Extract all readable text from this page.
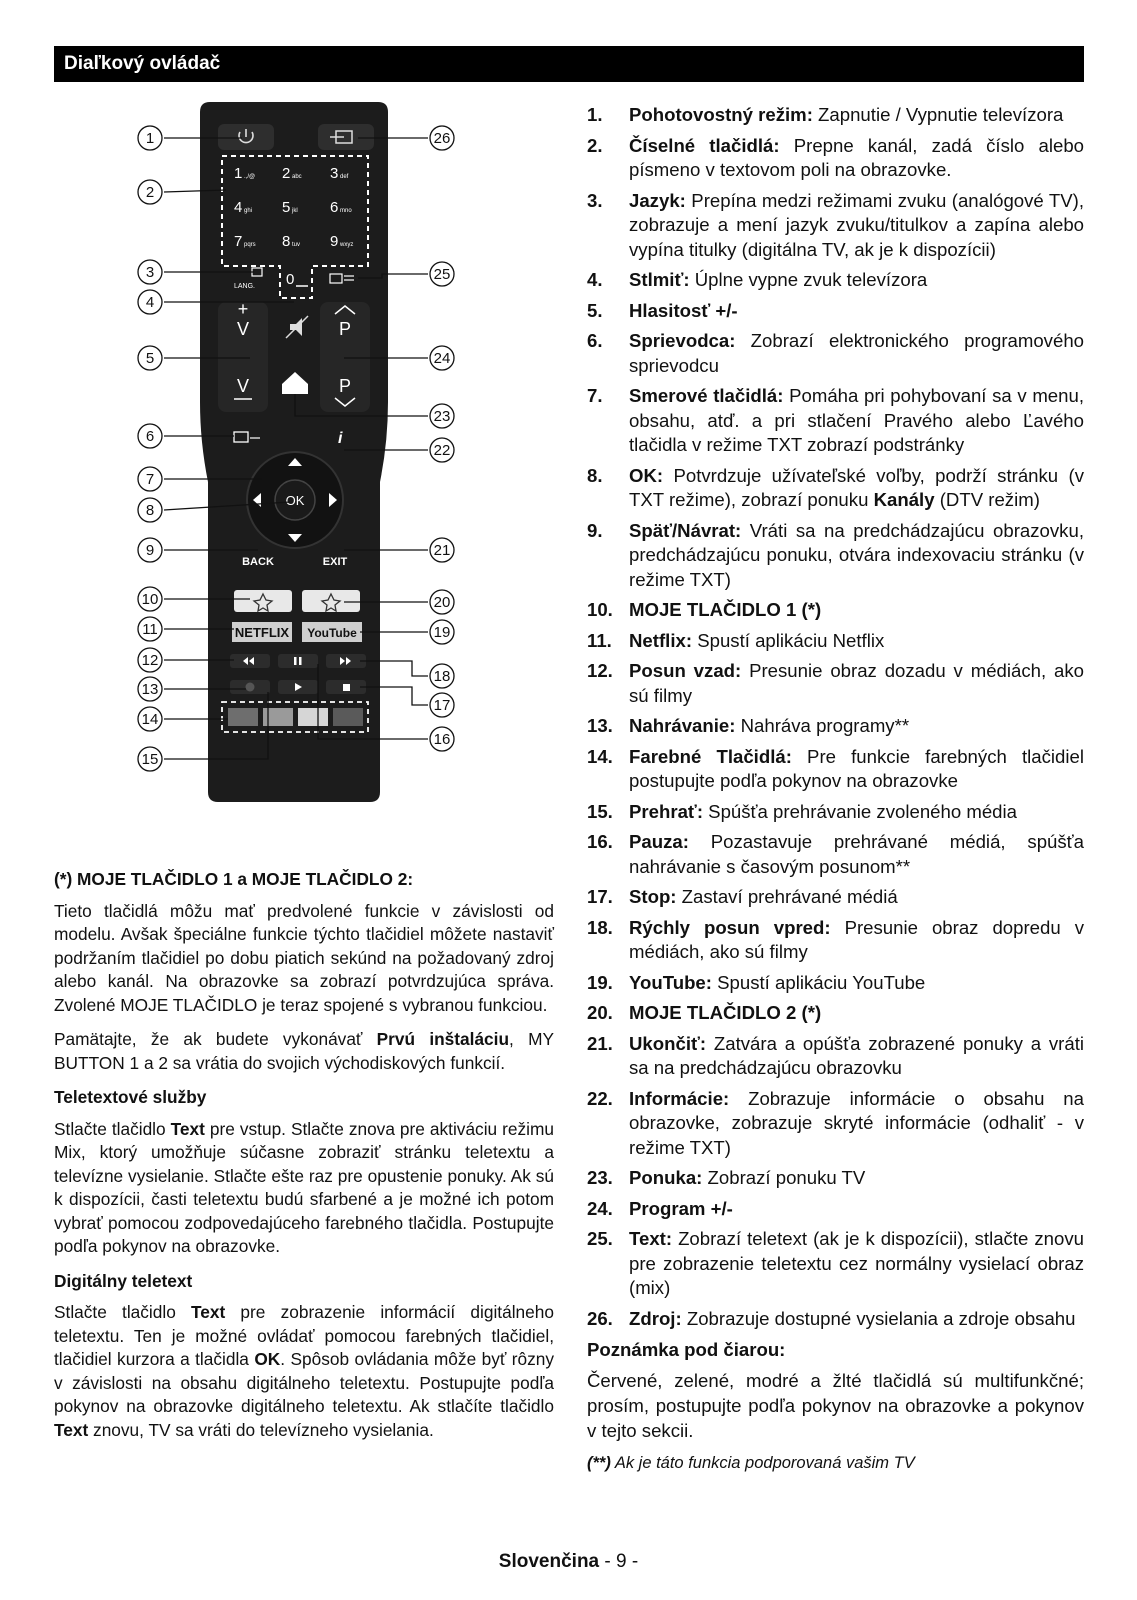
Diaľkový ovládač
1 .,/@ 2 abc 3 def
4 ghi 5 jkl 6 mno
7 pqrs 8 tuv 9 wxyz
0
LANG.
+
V
V
P
P
i
OK
BACK	EXIT
NETFLIX YouTube
1
2
3
4
5
6
7
8
9
10
11
12
13
14
15
26
25
24
23
22
21
20
19
18
17
16

(*) MOJE TLAČIDLO 1 a MOJE TLAČIDLO 2:

Tieto tlačidlá môžu mať predvolené funkcie v závislosti od modelu. Avšak špeciálne funkcie týchto tlačidiel môžete nastaviť podržaním tlačidiel po dobu piatich sekúnd na požadovaný zdroj alebo kanál. Na obrazovke sa zobrazí potvrdzujúca správa. Zvolené MOJE TLAČIDLO je teraz spojené s vybranou funkciou.

Pamätajte, že ak budete vykonávať Prvú inštaláciu, MY BUTTON 1 a 2 sa vrátia do svojich východiskových funkcií.

Teletextové služby

Stlačte tlačidlo Text pre vstup. Stlačte znova pre aktiváciu režimu Mix, ktorý umožňuje súčasne zobraziť stránku teletextu a televízne vysielanie. Stlačte ešte raz pre opustenie ponuky. Ak sú k dispozícii, časti teletextu budú sfarbené a je možné ich potom vybrať pomocou zodpovedajúceho farebného tlačidla. Postupujte podľa pokynov na obrazovke.

Digitálny teletext

Stlačte tlačidlo Text pre zobrazenie informácií digitálneho teletextu. Ten je možné ovládať pomocou farebných tlačidiel, tlačidiel kurzora a tlačidla OK. Spôsob ovládania môže byť rôzny v závislosti na obsahu digitálneho teletextu. Postupujte podľa pokynov na obrazovke digitálneho teletextu. Ak stlačíte tlačidlo Text znovu, TV sa vráti do televízneho vysielania.

1.	Pohotovostný režim: Zapnutie / Vypnutie televízora
2.	Číselné tlačidlá: Prepne kanál, zadá číslo alebo písmeno v textovom poli na obrazovke.
3.	Jazyk: Prepína medzi režimami zvuku (analógové TV), zobrazuje a mení jazyk zvuku/titulkov a zapína alebo vypína titulky (digitálna TV, ak je k dispozícii)
4.	Stlmiť: Úplne vypne zvuk televízora
5.	Hlasitosť +/-
6.	Sprievodca: Zobrazí elektronického programového sprievodcu
7.	Smerové tlačidlá: Pomáha pri pohybovaní sa v menu, obsahu, atď. a pri stlačení Pravého alebo Ľavého tlačidla v režime TXT zobrazí podstránky
8.	OK: Potvrdzuje užívateľské voľby, podrží stránku (v TXT režime), zobrazí ponuku Kanály (DTV režim)
9.	Späť/Návrat: Vráti sa na predchádzajúcu obrazovku, predchádzajúcu ponuku, otvára indexovaciu stránku (v režime TXT)
10. MOJE TLAČIDLO 1 (*)
11. Netflix: Spustí aplikáciu Netflix
12. Posun vzad: Presunie obraz dozadu v médiách, ako sú filmy
13. Nahrávanie: Nahráva programy**
14. Farebné Tlačidlá: Pre funkcie farebných tlačidiel postupujte podľa pokynov na obrazovke
15. Prehrať: Spúšťa prehrávanie zvoleného média
16. Pauza: Pozastavuje prehrávané médiá, spúšťa nahrávanie s časovým posunom**
17. Stop: Zastaví prehrávané médiá
18. Rýchly posun vpred: Presunie obraz dopredu v médiách, ako sú filmy
19. YouTube: Spustí aplikáciu YouTube
20. MOJE TLAČIDLO 2 (*)
21. Ukončiť: Zatvára a opúšťa zobrazené ponuky a vráti sa na predchádzajúcu obrazovku
22. Informácie: Zobrazuje informácie o obsahu na obrazovke, zobrazuje skryté informácie (odhaliť - v režime TXT)
23. Ponuka: Zobrazí ponuku TV
24. Program +/-
25. Text: Zobrazí teletext (ak je k dispozícii), stlačte znovu pre zobrazenie teletextu cez normálny vysielací obraz (mix)
26. Zdroj: Zobrazuje dostupné vysielania a zdroje obsahu

Poznámka pod čiarou:

Červené, zelené, modré a žlté tlačidlá sú multifunkčné; prosím, postupujte podľa pokynov na obrazovke a pokynov v tejto sekcii.

(**) Ak je táto funkcia podporovaná vašim TV

Slovenčina - 9 -
